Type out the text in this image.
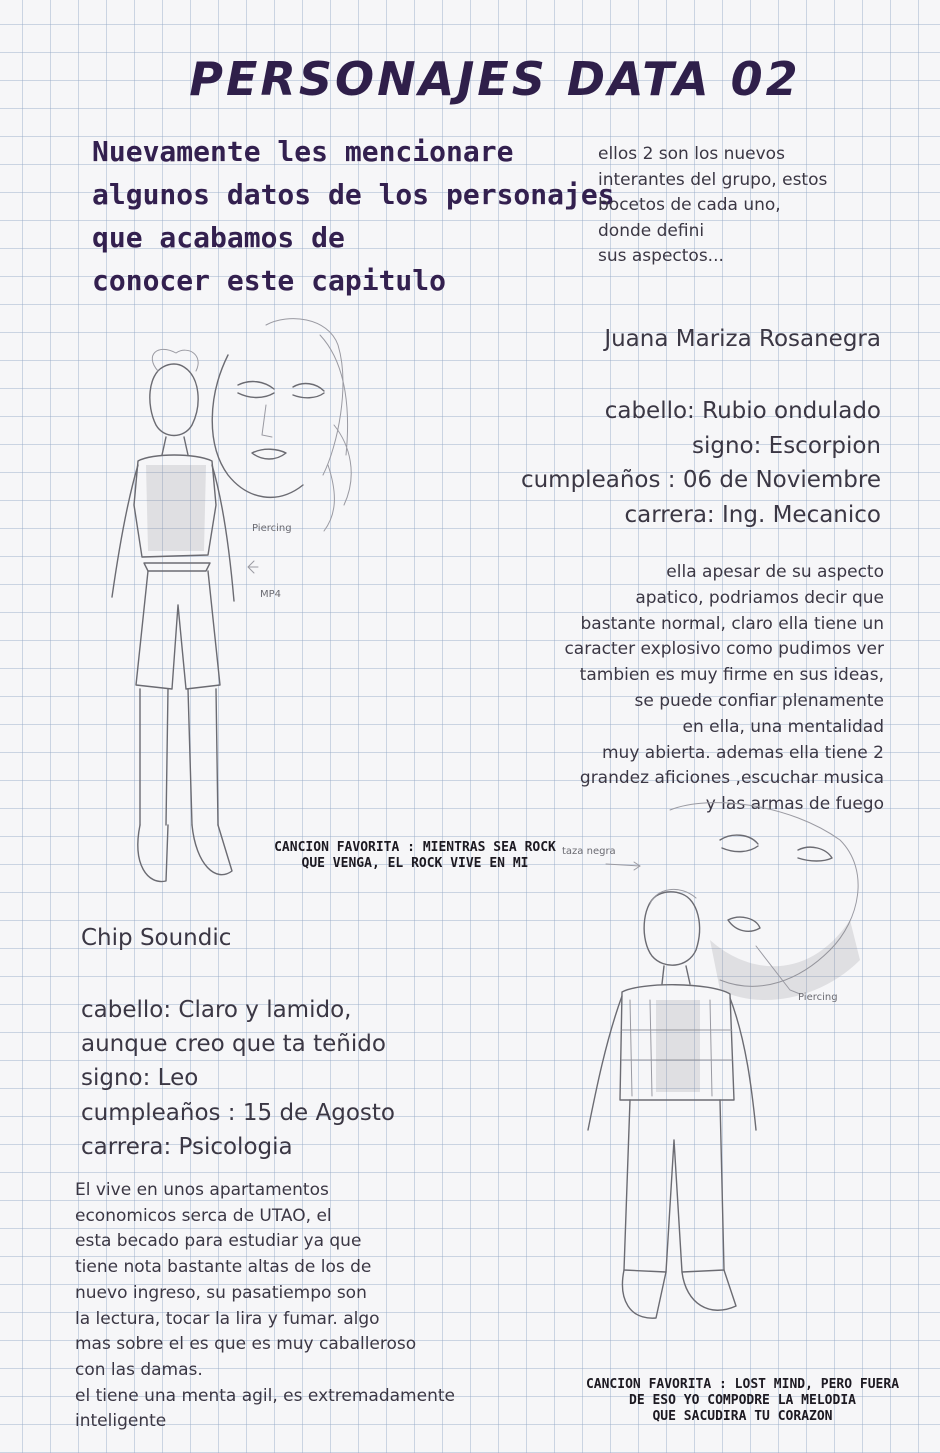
PERSONAJES DATA 02
Nuevamente les mencionare
algunos datos de los personajes
que acabamos de
conocer este capitulo
ellos 2 son los nuevos
interantes del grupo, estos
bocetos de cada uno,
donde defini
sus aspectos...
Piercing
MP4
Juana Mariza Rosanegra
cabello: Rubio ondulado
signo: Escorpion
cumpleaños : 06 de Noviembre
carrera: Ing. Mecanico
ella apesar de su aspecto
apatico, podriamos decir que
bastante normal, claro ella tiene un
caracter explosivo como pudimos ver
tambien es muy firme en sus ideas,
se puede confiar plenamente
en ella, una mentalidad
muy abierta. ademas ella tiene 2
grandez aficiones ,escuchar musica
y las armas de fuego
CANCION FAVORITA : MIENTRAS SEA ROCK
QUE VENGA, EL ROCK VIVE EN MI
Piercing
taza negra
Chip Soundic
cabello: Claro y lamido,
aunque creo que ta teñido
signo: Leo
cumpleaños : 15 de Agosto
carrera: Psicologia
El vive en unos apartamentos
economicos serca de UTAO, el
esta becado para estudiar ya que
tiene nota bastante altas de los de
nuevo ingreso, su pasatiempo son
la lectura, tocar la lira y fumar. algo
mas sobre el es que es muy caballeroso
con las damas.
el tiene una menta agil, es extremadamente
inteligente
CANCION FAVORITA : LOST MIND, PERO FUERA
DE ESO YO COMPODRE LA MELODIA
QUE SACUDIRA TU CORAZON
